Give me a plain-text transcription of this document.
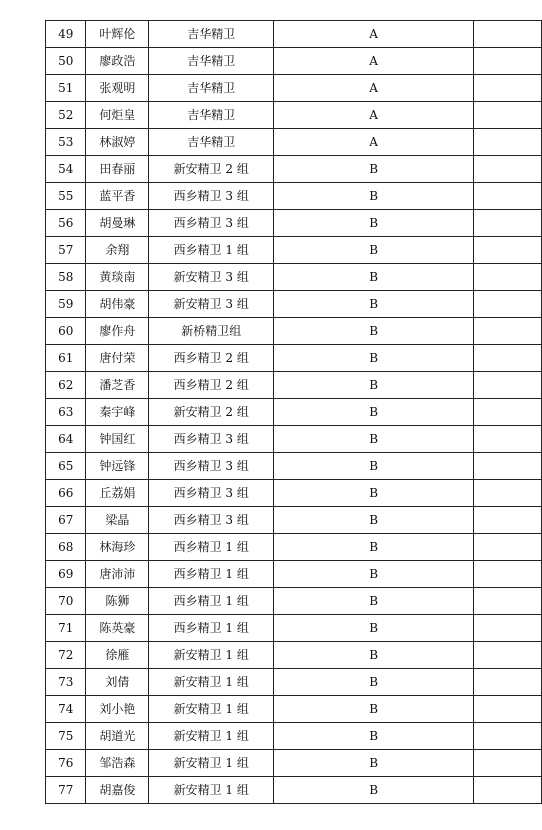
49	叶辉伦	吉华精卫	A	
50	廖政浩	吉华精卫	A	
51	张观明	吉华精卫	A	
52	何炬皇	吉华精卫	A	
53	林淑婷	吉华精卫	A	
54	田春丽	新安精卫 2 组	B	
55	蓝平香	西乡精卫 3 组	B	
56	胡曼琳	西乡精卫 3 组	B	
57	余翔	西乡精卫 1 组	B	
58	黄琰南	新安精卫 3 组	B	
59	胡伟豪	新安精卫 3 组	B	
60	廖作舟	新桥精卫组	B	
61	唐付荣	西乡精卫 2 组	B	
62	潘芝香	西乡精卫 2 组	B	
63	秦宇峰	新安精卫 2 组	B	
64	钟国红	西乡精卫 3 组	B	
65	钟远锋	西乡精卫 3 组	B	
66	丘荔娟	西乡精卫 3 组	B	
67	梁晶	西乡精卫 3 组	B	
68	林海珍	西乡精卫 1 组	B	
69	唐沛沛	西乡精卫 1 组	B	
70	陈狮	西乡精卫 1 组	B	
71	陈英豪	西乡精卫 1 组	B	
72	徐雁	新安精卫 1 组	B	
73	刘倩	新安精卫 1 组	B	
74	刘小艳	新安精卫 1 组	B	
75	胡道光	新安精卫 1 组	B	
76	邹浩森	新安精卫 1 组	B	
77	胡嘉俊	新安精卫 1 组	B	
